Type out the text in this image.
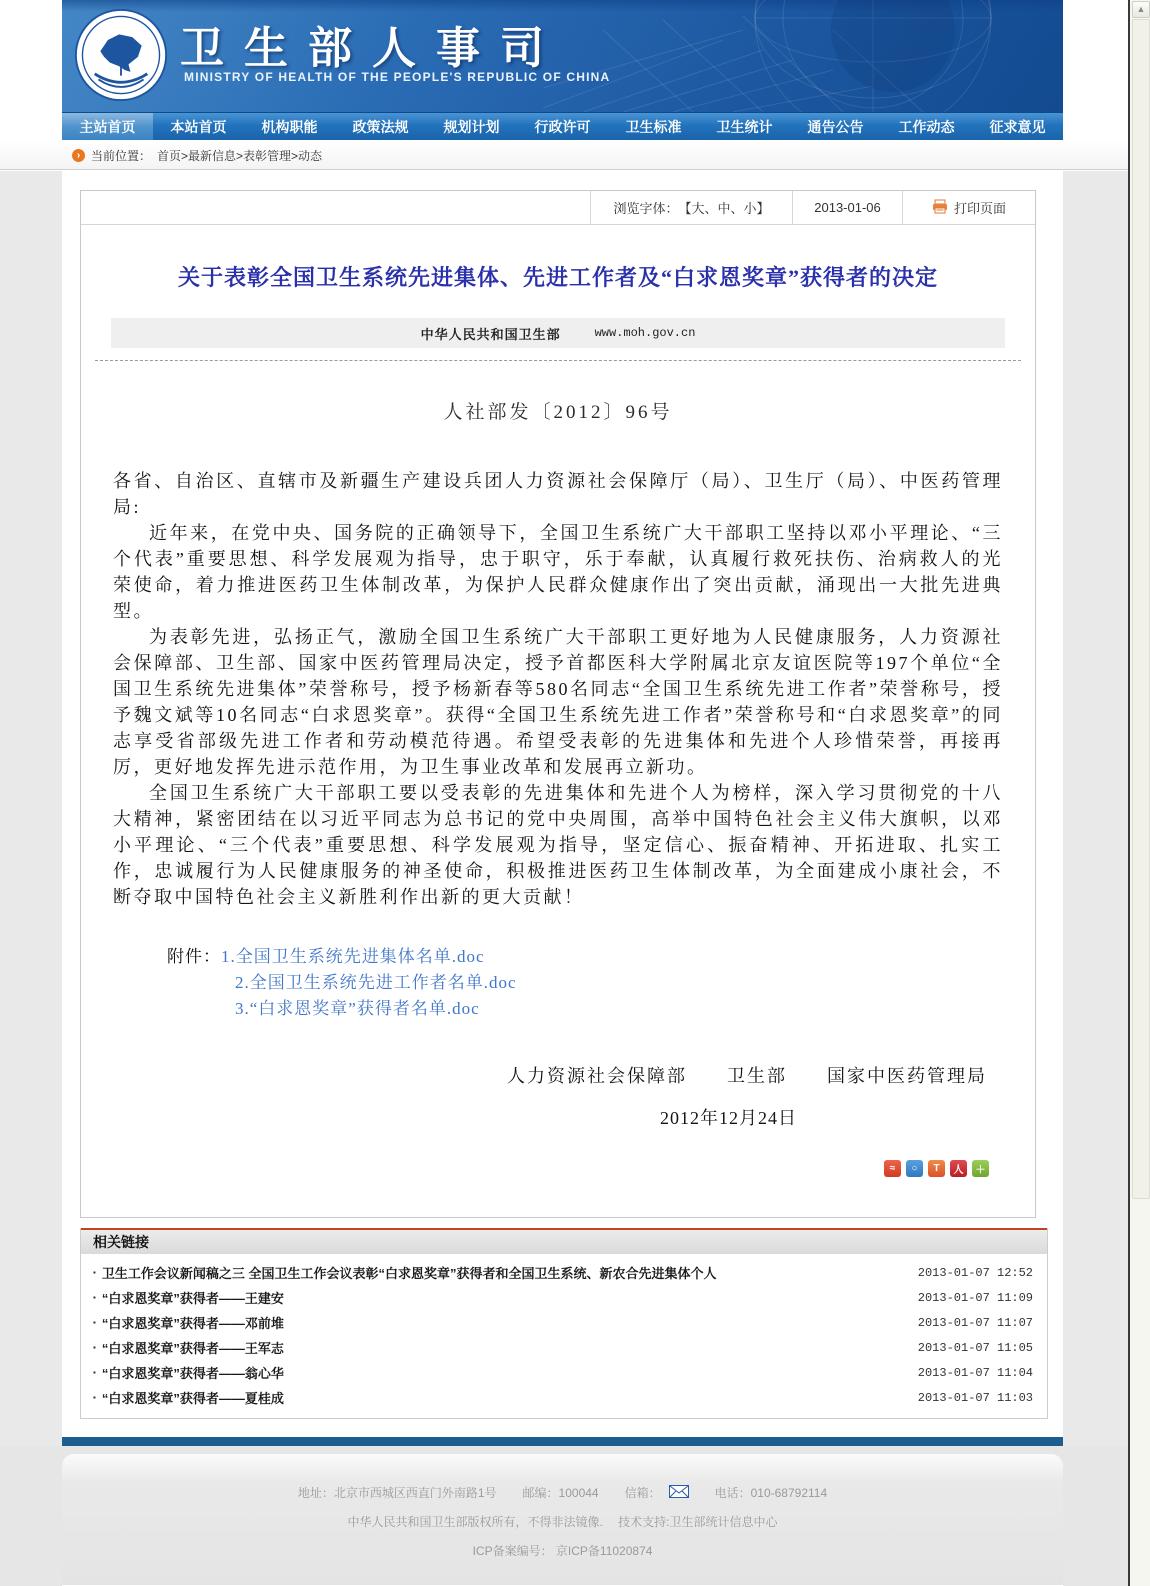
卫生部人事司
MINISTRY OF HEALTH OF THE PEOPLE'S REPUBLIC OF CHINA
主站首页	本站首页	机构职能	政策法规	规划计划	行政许可	卫生标准	卫生统计	通告公告	工作动态	征求意见
› 当前位置： 首页>最新信息>表彰管理>动态
浏览字体： 【大、中、小】	2013-01-06	打印页面
关于表彰全国卫生系统先进集体、先进工作者及“白求恩奖章”获得者的决定
中华人民共和国卫生部	www.moh.gov.cn
人社部发〔2012〕96号

各省、自治区、直辖市及新疆生产建设兵团人力资源社会保障厅（局）、卫生厅（局）、中医药管理局:

近年来，在党中央、国务院的正确领导下，全国卫生系统广大干部职工坚持以邓小平理论、“三个代表”重要思想、科学发展观为指导，忠于职守，乐于奉献，认真履行救死扶伤、治病救人的光荣使命，着力推进医药卫生体制改革，为保护人民群众健康作出了突出贡献，涌现出一大批先进典型。

为表彰先进，弘扬正气，激励全国卫生系统广大干部职工更好地为人民健康服务，人力资源社会保障部、卫生部、国家中医药管理局决定，授予首都医科大学附属北京友谊医院等197个单位“全国卫生系统先进集体”荣誉称号，授予杨新春等580名同志“全国卫生系统先进工作者”荣誉称号，授予魏文斌等10名同志“白求恩奖章”。获得“全国卫生系统先进工作者”荣誉称号和“白求恩奖章”的同志享受省部级先进工作者和劳动模范待遇。希望受表彰的先进集体和先进个人珍惜荣誉，再接再厉，更好地发挥先进示范作用，为卫生事业改革和发展再立新功。

全国卫生系统广大干部职工要以受表彰的先进集体和先进个人为榜样，深入学习贯彻党的十八大精神，紧密团结在以习近平同志为总书记的党中央周围，高举中国特色社会主义伟大旗帜，以邓小平理论、“三个代表”重要思想、科学发展观为指导，坚定信心、振奋精神、开拓进取、扎实工作，忠诚履行为人民健康服务的神圣使命，积极推进医药卫生体制改革，为全面建成小康社会，不断夺取中国特色社会主义新胜利作出新的更大贡献！

附件：1.全国卫生系统先进集体名单.doc
2.全国卫生系统先进工作者名单.doc
3.“白求恩奖章”获得者名单.doc
人力资源社会保障部　　卫生部　　国家中医药管理局
2012年12月24日
≈	○	T	人	＋
相关链接
▪ 卫生工作会议新闻稿之三 全国卫生工作会议表彰“白求恩奖章”获得者和全国卫生系统、新农合先进集体个人	2013-01-07 12:52
▪ “白求恩奖章”获得者——王建安	2013-01-07 11:09
▪ “白求恩奖章”获得者——邓前堆	2013-01-07 11:07
▪ “白求恩奖章”获得者——王军志	2013-01-07 11:05
▪ “白求恩奖章”获得者——翁心华	2013-01-07 11:04
▪ “白求恩奖章”获得者——夏桂成	2013-01-07 11:03
地址：北京市西城区西直门外南路1号 邮编：100044 信箱：	电话：010-68792114
中华人民共和国卫生部版权所有，不得非法镜像.　 技术支持:卫生部统计信息中心
ICP备案编号： 京ICP备11020874
▲
